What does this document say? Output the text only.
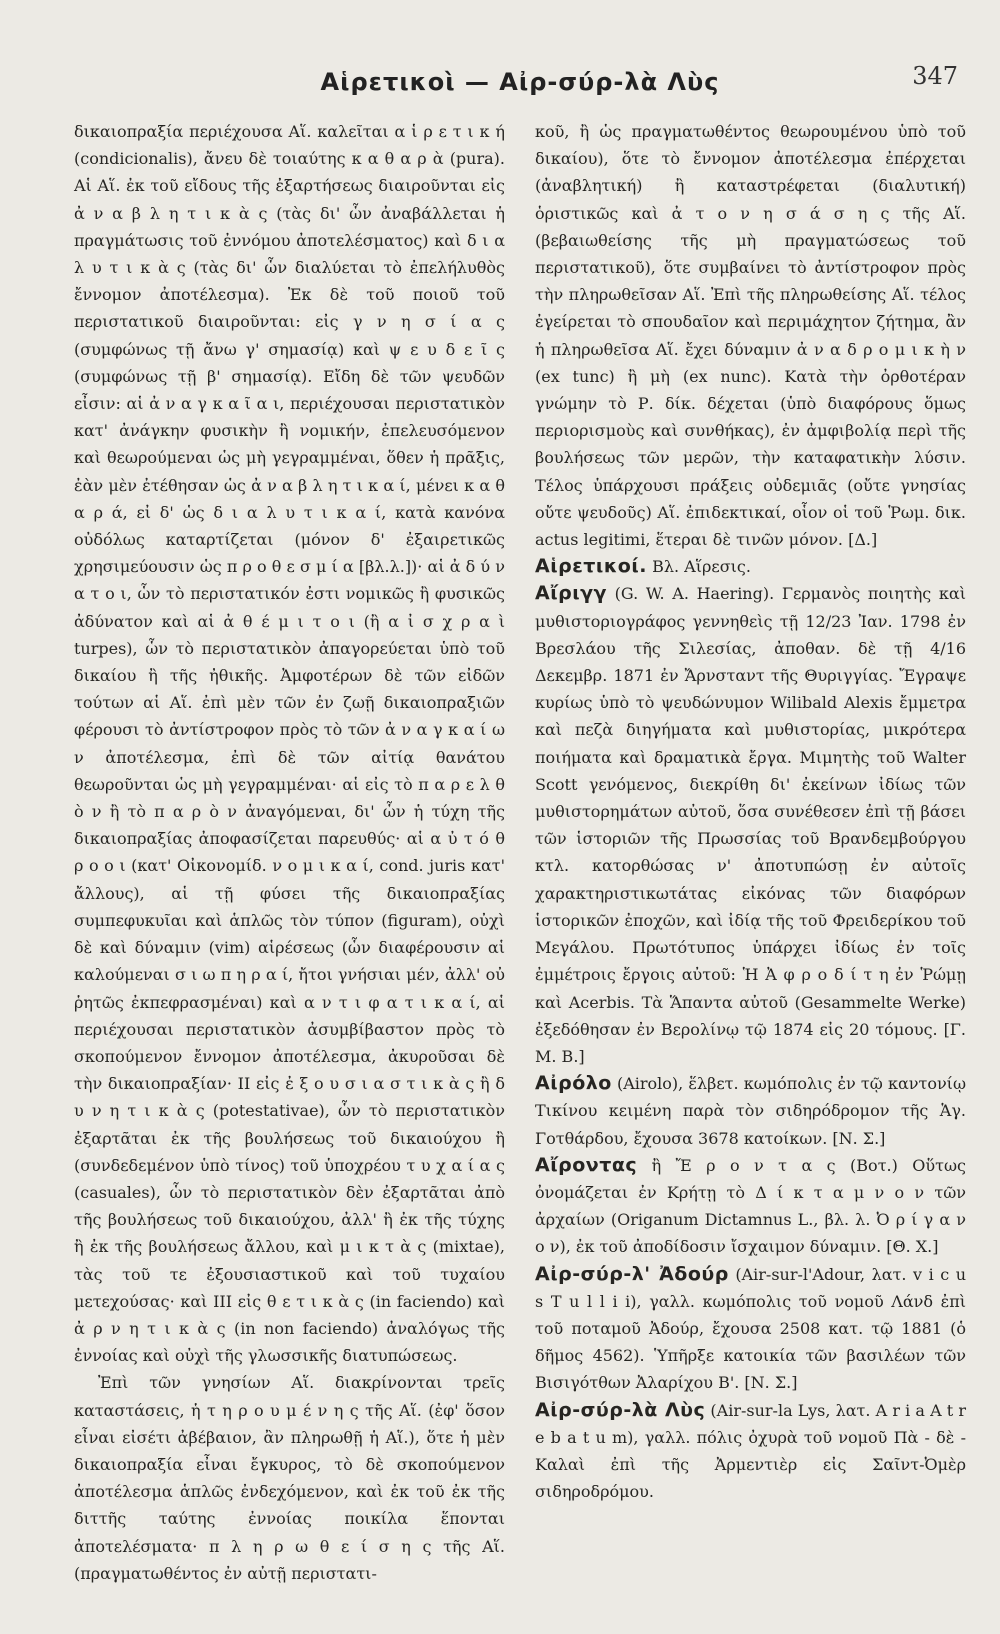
Αἱρετικοὶ — Αἰρ-σύρ-λὰ Λὺς	347

δικαιοπραξία περιέχουσα Αἵ. καλεῖται α ἱ ρ ε τ ι κ ή (condicionalis), ἄνευ δὲ τοιαύτης κ α θ α ρ ὰ (pura). Αἱ Αἵ. ἐκ τοῦ εἴδους τῆς ἐξαρτήσεως διαιροῦνται εἰς ἀ ν α β λ η τ ι κ ὰ ς (τὰς δι' ὧν ἀναβάλλεται ἡ πραγμάτωσις τοῦ ἐννόμου ἀποτελέσματος) καὶ δ ι α λ υ τ ι κ ὰ ς (τὰς δι' ὧν διαλύεται τὸ ἐπελήλυθὸς ἔννομον ἀποτέλεσμα). Ἐκ δὲ τοῦ ποιοῦ τοῦ περιστατικοῦ διαιροῦνται: εἰς γ ν η σ ί α ς (συμφώνως τῇ ἄνω γ' σημασίᾳ) καὶ ψ ε υ δ ε ῖ ς (συμφώνως τῇ β' σημασίᾳ). Εἴδη δὲ τῶν ψευδῶν εἶσιν: αἱ ἀ ν α γ κ α ῖ α ι, περιέχουσαι περιστατικὸν κατ' ἀνάγκην φυσικὴν ἢ νομικήν, ἐπελευσόμενον καὶ θεωρούμεναι ὡς μὴ γεγραμμέναι, ὅθεν ἡ πρᾶξις, ἐὰν μὲν ἐτέθησαν ὡς ἀ ν α β λ η τ ι κ α ί, μένει κ α θ α ρ ά, εἰ δ' ὡς δ ι α λ υ τ ι κ α ί, κατὰ κανόνα οὐδόλως καταρτίζεται (μόνον δ' ἐξαιρετικῶς χρησιμεύουσιν ὡς π ρ ο θ ε σ μ ί α [βλ.λ.])· αἱ ἀ δ ύ ν α τ ο ι, ὧν τὸ περιστατικόν ἐστι νομικῶς ἢ φυσικῶς ἀδύνατον καὶ αἱ ἀ θ έ μ ι τ ο ι (ἢ α ἰ σ χ ρ α ὶ turpes), ὧν τὸ περιστατικὸν ἀπαγορεύεται ὑπὸ τοῦ δικαίου ἢ τῆς ἠθικῆς. Ἀμφοτέρων δὲ τῶν εἰδῶν τούτων αἱ Αἵ. ἐπὶ μὲν τῶν ἐν ζωῇ δικαιοπραξιῶν φέρουσι τὸ ἀντίστροφον πρὸς τὸ τῶν ἀ ν α γ κ α ί ω ν ἀποτέλεσμα, ἐπὶ δὲ τῶν αἰτίᾳ θανάτου θεωροῦνται ὡς μὴ γεγραμμέναι· αἱ εἰς τὸ π α ρ ε λ θ ὸ ν ἢ τὸ π α ρ ὸ ν ἀναγόμεναι, δι' ὧν ἡ τύχη τῆς δικαιοπραξίας ἀποφασίζεται παρευθύς· αἱ α ὐ τ ό θ ρ ο ο ι (κατ' Οἰκονομίδ. ν ο μ ι κ α ί, cond. juris κατ' ἄλλους), αἱ τῇ φύσει τῆς δικαιοπραξίας συμπεφυκυῖαι καὶ ἁπλῶς τὸν τύπον (figuram), οὐχὶ δὲ καὶ δύναμιν (vim) αἱρέσεως (ὧν διαφέρουσιν αἱ καλούμεναι σ ι ω π η ρ α ί, ἤτοι γνήσιαι μέν, ἀλλ' οὐ ῥητῶς ἐκπεφρασμέναι) καὶ α ν τ ι φ α τ ι κ α ί, αἱ περιέχουσαι περιστατικὸν ἀσυμβίβαστον πρὸς τὸ σκοπούμενον ἔννομον ἀποτέλεσμα, ἀκυροῦσαι δὲ τὴν δικαιοπραξίαν· II εἰς ἐ ξ ο υ σ ι α σ τ ι κ ὰ ς ἢ δ υ ν η τ ι κ ὰ ς (potestativae), ὧν τὸ περιστατικὸν ἐξαρτᾶται ἐκ τῆς βουλήσεως τοῦ δικαιούχου ἢ (συνδεδεμένον ὑπὸ τίνος) τοῦ ὑποχρέου τ υ χ α ί α ς (casuales), ὧν τὸ περιστατικὸν δὲν ἐξαρτᾶται ἀπὸ τῆς βουλήσεως τοῦ δικαιούχου, ἀλλ' ἢ ἐκ τῆς τύχης ἢ ἐκ τῆς βουλήσεως ἄλλου, καὶ μ ι κ τ ὰ ς (mixtae), τὰς τοῦ τε ἐξουσιαστικοῦ καὶ τοῦ τυχαίου μετεχούσας· καὶ III εἰς θ ε τ ι κ ὰ ς (in faciendo) καὶ ἀ ρ ν η τ ι κ ὰ ς (in non faciendo) ἀναλόγως τῆς ἐννοίας καὶ οὐχὶ τῆς γλωσσικῆς διατυπώσεως.

Ἐπὶ τῶν γνησίων Αἵ. διακρίνονται τρεῖς καταστάσεις, ἡ τ η ρ ο υ μ έ ν η ς τῆς Αἵ. (ἐφ' ὅσον εἶναι εἰσέτι ἀβέβαιον, ἂν πληρωθῇ ἡ Αἵ.), ὅτε ἡ μὲν δικαιοπραξία εἶναι ἔγκυρος, τὸ δὲ σκοπούμενον ἀποτέλεσμα ἁπλῶς ἐνδεχόμενον, καὶ ἐκ τοῦ ἐκ τῆς διττῆς ταύτης ἐννοίας ποικίλα ἕπονται ἀποτελέσματα· π λ η ρ ω θ ε ί σ η ς τῆς Αἵ. (πραγματωθέντος ἐν αὐτῇ περιστατι-

κοῦ, ἢ ὡς πραγματωθέντος θεωρουμένου ὑπὸ τοῦ δικαίου), ὅτε τὸ ἔννομον ἀποτέλεσμα ἐπέρχεται (ἀναβλητική) ἢ καταστρέφεται (διαλυτική) ὁριστικῶς καὶ ἀ τ ο ν η σ ά σ η ς τῆς Αἵ. (βεβαιωθείσης τῆς μὴ πραγματώσεως τοῦ περιστατικοῦ), ὅτε συμβαίνει τὸ ἀντίστροφον πρὸς τὴν πληρωθεῖσαν Αἵ. Ἐπὶ τῆς πληρωθείσης Αἵ. τέλος ἐγείρεται τὸ σπουδαῖον καὶ περιμάχητον ζήτημα, ἂν ἡ πληρωθεῖσα Αἵ. ἔχει δύναμιν ἀ ν α δ ρ ο μ ι κ ὴ ν (ex tunc) ἢ μὴ (ex nunc). Κατὰ τὴν ὀρθοτέραν γνώμην τὸ Ρ. δίκ. δέχεται (ὑπὸ διαφόρους ὅμως περιορισμοὺς καὶ συνθήκας), ἐν ἀμφιβολίᾳ περὶ τῆς βουλήσεως τῶν μερῶν, τὴν καταφατικὴν λύσιν. Τέλος ὑπάρχουσι πράξεις οὐδεμιᾶς (οὔτε γνησίας οὔτε ψευδοῦς) Αἵ. ἐπιδεκτικαί, οἷον οἱ τοῦ Ῥωμ. δικ. actus legitimi, ἕτεραι δὲ τινῶν μόνον. [Δ.]

Αἱρετικοί. Βλ. Αἵρεσις.

Αἴριγγ (G. W. A. Haering). Γερμανὸς ποιητὴς καὶ μυθιστοριογράφος γεννηθεὶς τῇ 12/23 Ἰαν. 1798 ἐν Βρεσλάου τῆς Σιλεσίας, ἀποθαν. δὲ τῇ 4/16 Δεκεμβρ. 1871 ἐν Ἄρνσταντ τῆς Θυριγγίας. Ἔγραψε κυρίως ὑπὸ τὸ ψευδώνυμον Wilibald Alexis ἔμμετρα καὶ πεζὰ διηγήματα καὶ μυθιστορίας, μικρότερα ποιήματα καὶ δραματικὰ ἔργα. Μιμητὴς τοῦ Walter Scott γενόμενος, διεκρίθη δι' ἐκείνων ἰδίως τῶν μυθιστορημάτων αὐτοῦ, ὅσα συνέθεσεν ἐπὶ τῇ βάσει τῶν ἱστοριῶν τῆς Πρωσσίας τοῦ Βρανδεμβούργου κτλ. κατορθώσας ν' ἀποτυπώσῃ ἐν αὐτοῖς χαρακτηριστικωτάτας εἰκόνας τῶν διαφόρων ἱστορικῶν ἐποχῶν, καὶ ἰδίᾳ τῆς τοῦ Φρειδερίκου τοῦ Μεγάλου. Πρωτότυπος ὑπάρχει ἰδίως ἐν τοῖς ἐμμέτροις ἔργοις αὐτοῦ: Ἡ Ἀ φ ρ ο δ ί τ η ἐν Ῥώμῃ καὶ Acerbis. Τὰ Ἅπαντα αὐτοῦ (Gesammelte Werke) ἐξεδόθησαν ἐν Βερολίνῳ τῷ 1874 εἰς 20 τόμους. [Γ. Μ. Β.]

Αἰρόλο (Airolo), ἕλβετ. κωμόπολις ἐν τῷ καντονίῳ Τικίνου κειμένη παρὰ τὸν σιδηρόδρομον τῆς Ἁγ. Γοτθάρδου, ἔχουσα 3678 κατοίκων. [Ν. Σ.]

Αἴροντας ἢ Ἔ ρ ο ν τ α ς (Βοτ.) Οὕτως ὀνομάζεται ἐν Κρήτῃ τὸ Δ ί κ τ α μ ν ο ν τῶν ἀρχαίων (Origanum Dictamnus L., βλ. λ. Ὀ ρ ί γ α ν ο ν), ἐκ τοῦ ἀποδίδοσιν ἴσχαιμον δύναμιν. [Θ. Χ.]

Αἰρ-σύρ-λ' Ἀδούρ (Air-sur-l'Adour, λατ. v i c u s T u l l i i), γαλλ. κωμόπολις τοῦ νομοῦ Λάνδ ἐπὶ τοῦ ποταμοῦ Ἀδούρ, ἔχουσα 2508 κατ. τῷ 1881 (ὁ δῆμος 4562). Ὑπῆρξε κατοικία τῶν βασιλέων τῶν Βισιγότθων Ἀλαρίχου Β'. [Ν. Σ.]

Αἰρ-σύρ-λὰ Λὺς (Air-sur-la Lys, λατ. A r i a A t r e b a t u m), γαλλ. πόλις ὀχυρὰ τοῦ νομοῦ Πὰ - δὲ - Καλαὶ ἐπὶ τῆς Ἀρμεντιὲρ εἰς Σαῖντ-Ὀμὲρ σιδηροδρόμου.
